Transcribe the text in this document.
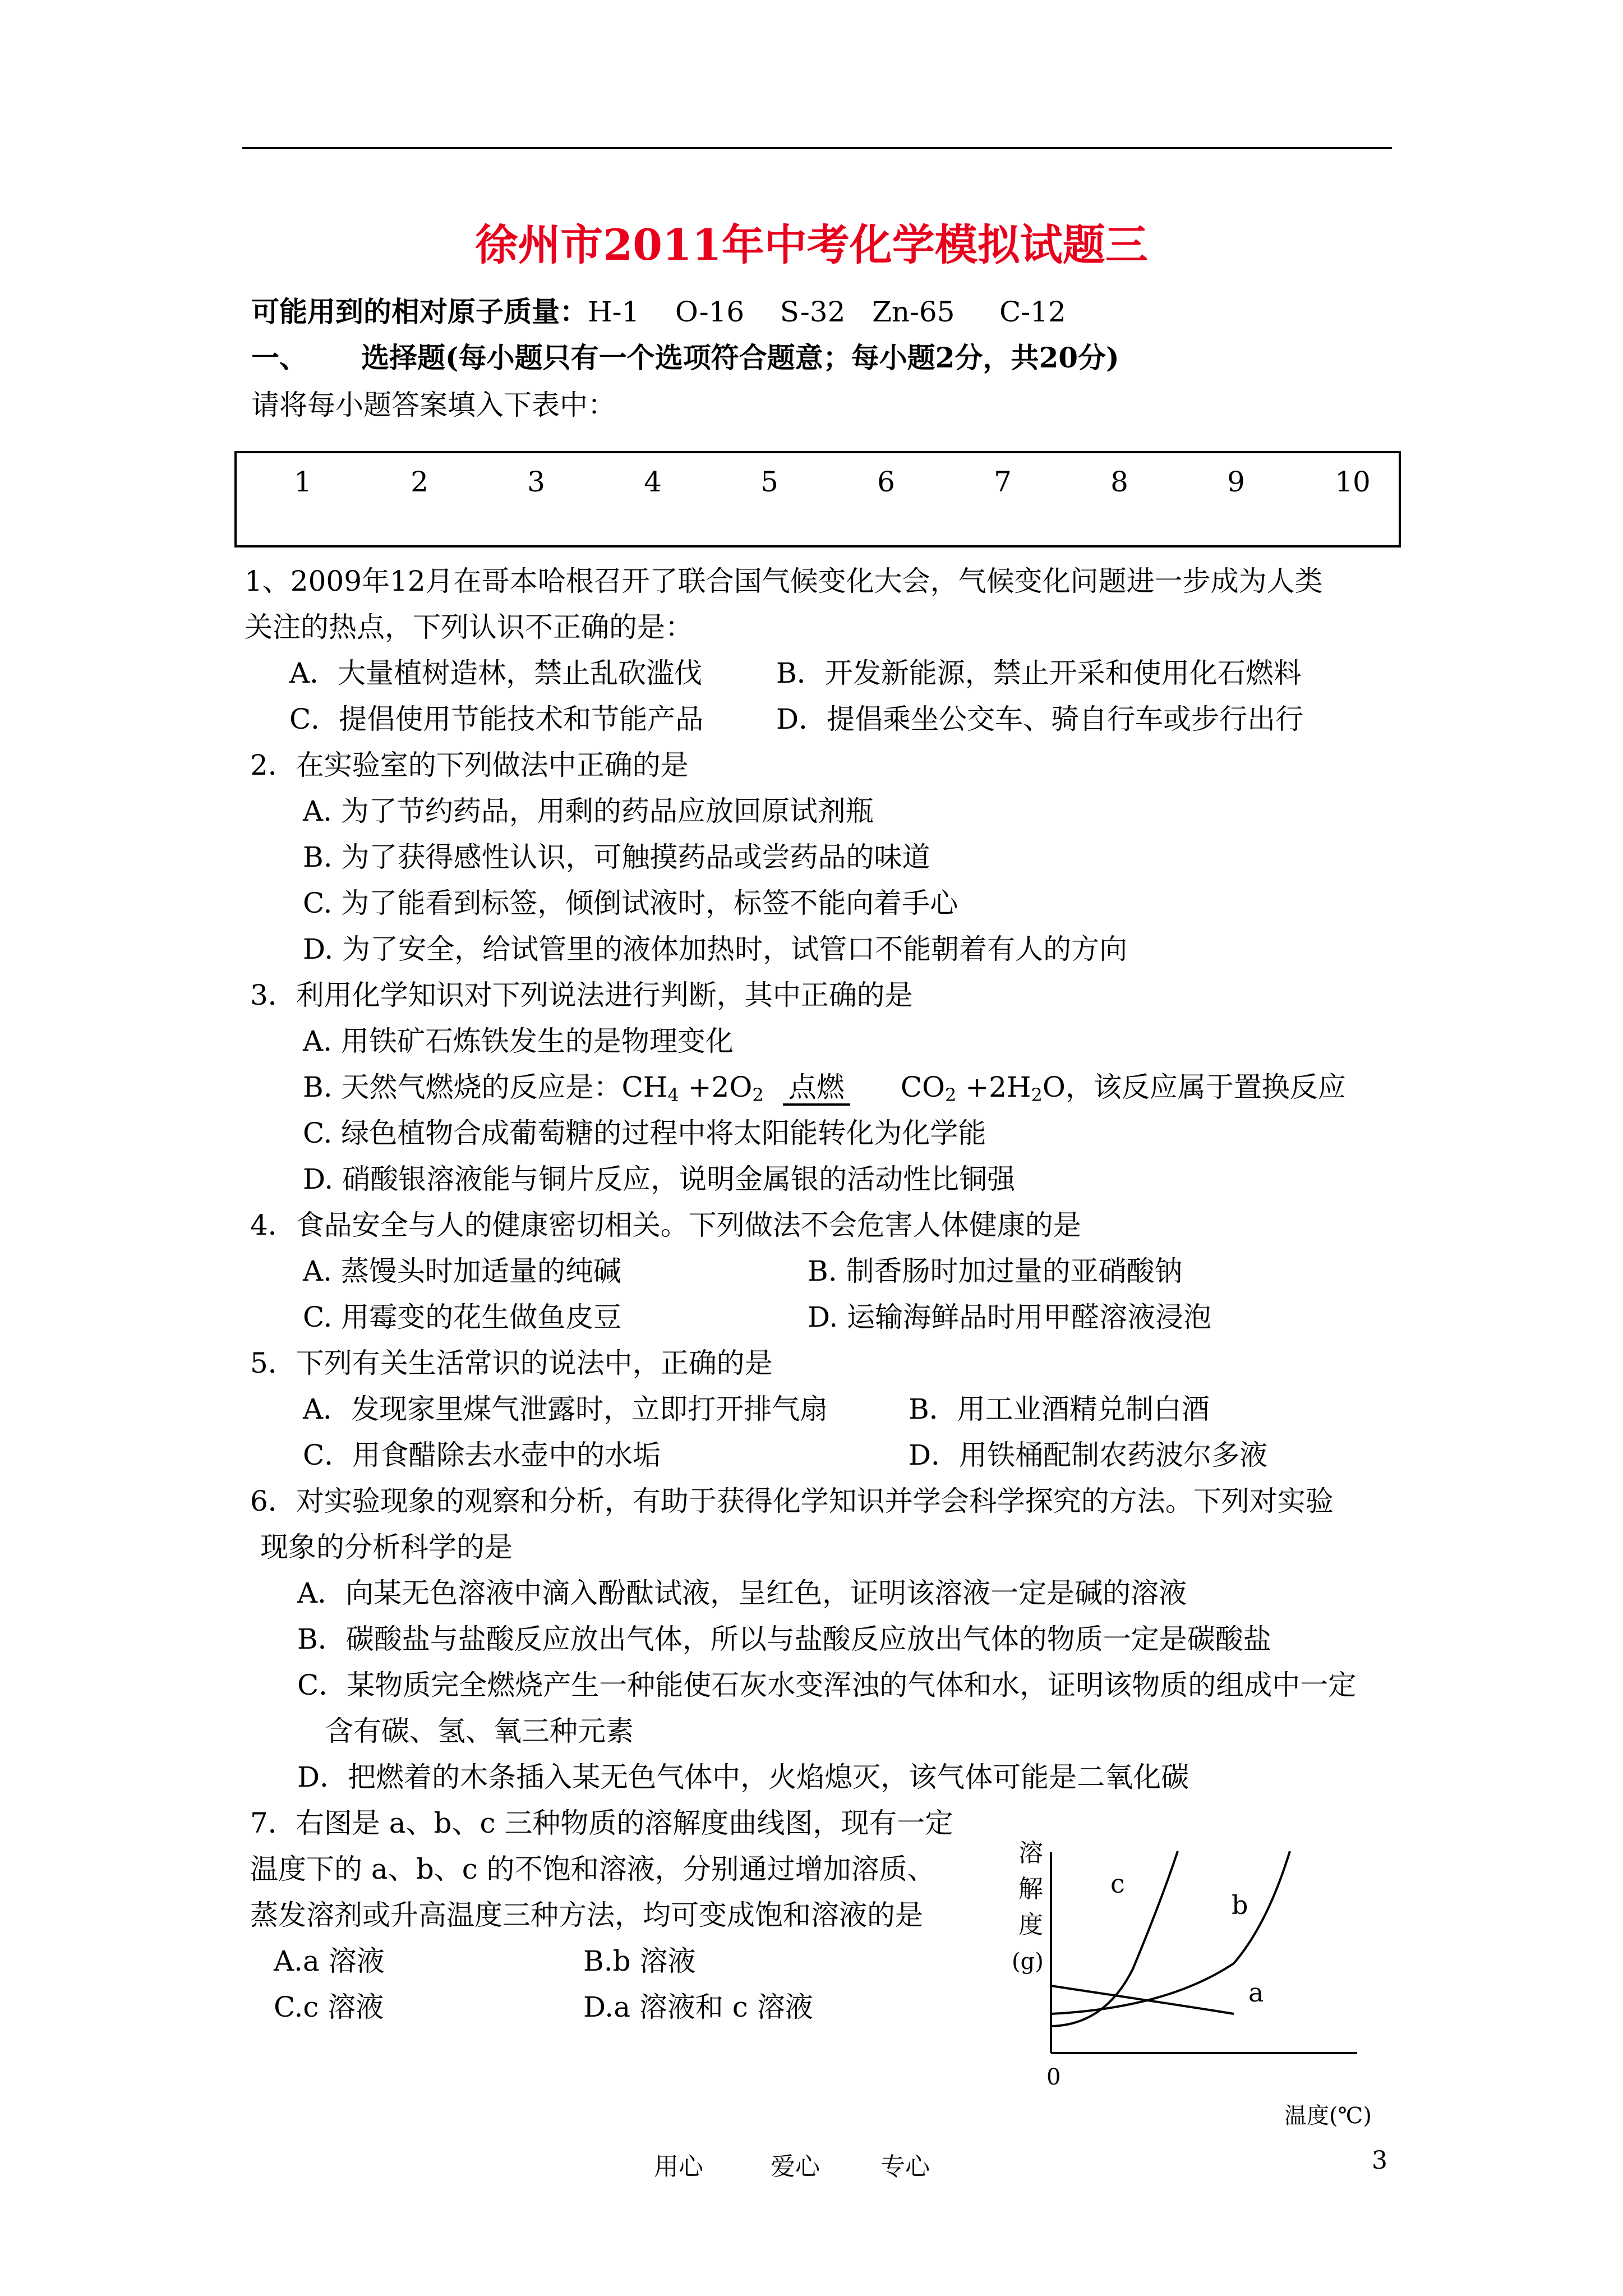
徐州市2011年中考化学模拟试题三
可能用到的相对原子质量：H-1    O-16    S-32   Zn-65     C-12
一、 选择题(每小题只有一个选项符合题意；每小题2分，共20分)
请将每小题答案填入下表中：
1	2	3	4	5	6	7	8	9	10
1、2009年12月在哥本哈根召开了联合国气候变化大会，气候变化问题进一步成为人类
关注的热点，下列认识不正确的是：
A．大量植树造林，禁止乱砍滥伐	B．开发新能源，禁止开采和使用化石燃料
C．提倡使用节能技术和节能产品	D．提倡乘坐公交车、骑自行车或步行出行
2．在实验室的下列做法中正确的是
A. 为了节约药品，用剩的药品应放回原试剂瓶
B. 为了获得感性认识，可触摸药品或尝药品的味道
C. 为了能看到标签，倾倒试液时，标签不能向着手心
D. 为了安全，给试管里的液体加热时，试管口不能朝着有人的方向
3．利用化学知识对下列说法进行判断，其中正确的是
A. 用铁矿石炼铁发生的是物理变化
B. 天然气燃烧的反应是：$CH_4 +2O_2$ 点燃 $CO_2 +2H_2O$，该反应属于置换反应
C. 绿色植物合成葡萄糖的过程中将太阳能转化为化学能
D. 硝酸银溶液能与铜片反应，说明金属银的活动性比铜强
4．食品安全与人的健康密切相关。下列做法不会危害人体健康的是
A. 蒸馒头时加适量的纯碱	B. 制香肠时加过量的亚硝酸钠
C. 用霉变的花生做鱼皮豆	D. 运输海鲜品时用甲醛溶液浸泡
5．下列有关生活常识的说法中，正确的是
A．发现家里煤气泄露时，立即打开排气扇	B．用工业酒精兑制白酒
C．用食醋除去水壶中的水垢	D．用铁桶配制农药波尔多液
6．对实验现象的观察和分析，有助于获得化学知识并学会科学探究的方法。下列对实验
现象的分析科学的是
A．向某无色溶液中滴入酚酞试液，呈红色，证明该溶液一定是碱的溶液
B．碳酸盐与盐酸反应放出气体，所以与盐酸反应放出气体的物质一定是碳酸盐
C．某物质完全燃烧产生一种能使石灰水变浑浊的气体和水，证明该物质的组成中一定
含有碳、氢、氧三种元素
D．把燃着的木条插入某无色气体中，火焰熄灭，该气体可能是二氧化碳
7．右图是 a、b、c 三种物质的溶解度曲线图，现有一定
温度下的 a、b、c 的不饱和溶液，分别通过增加溶质、
蒸发溶剂或升高温度三种方法，均可变成饱和溶液的是
A.a 溶液	B.b 溶液
C.c 溶液	D.a 溶液和 c 溶液
溶
解
度
(g)
c
b
a
0
温度(℃)
用心	爱心 专心	3
